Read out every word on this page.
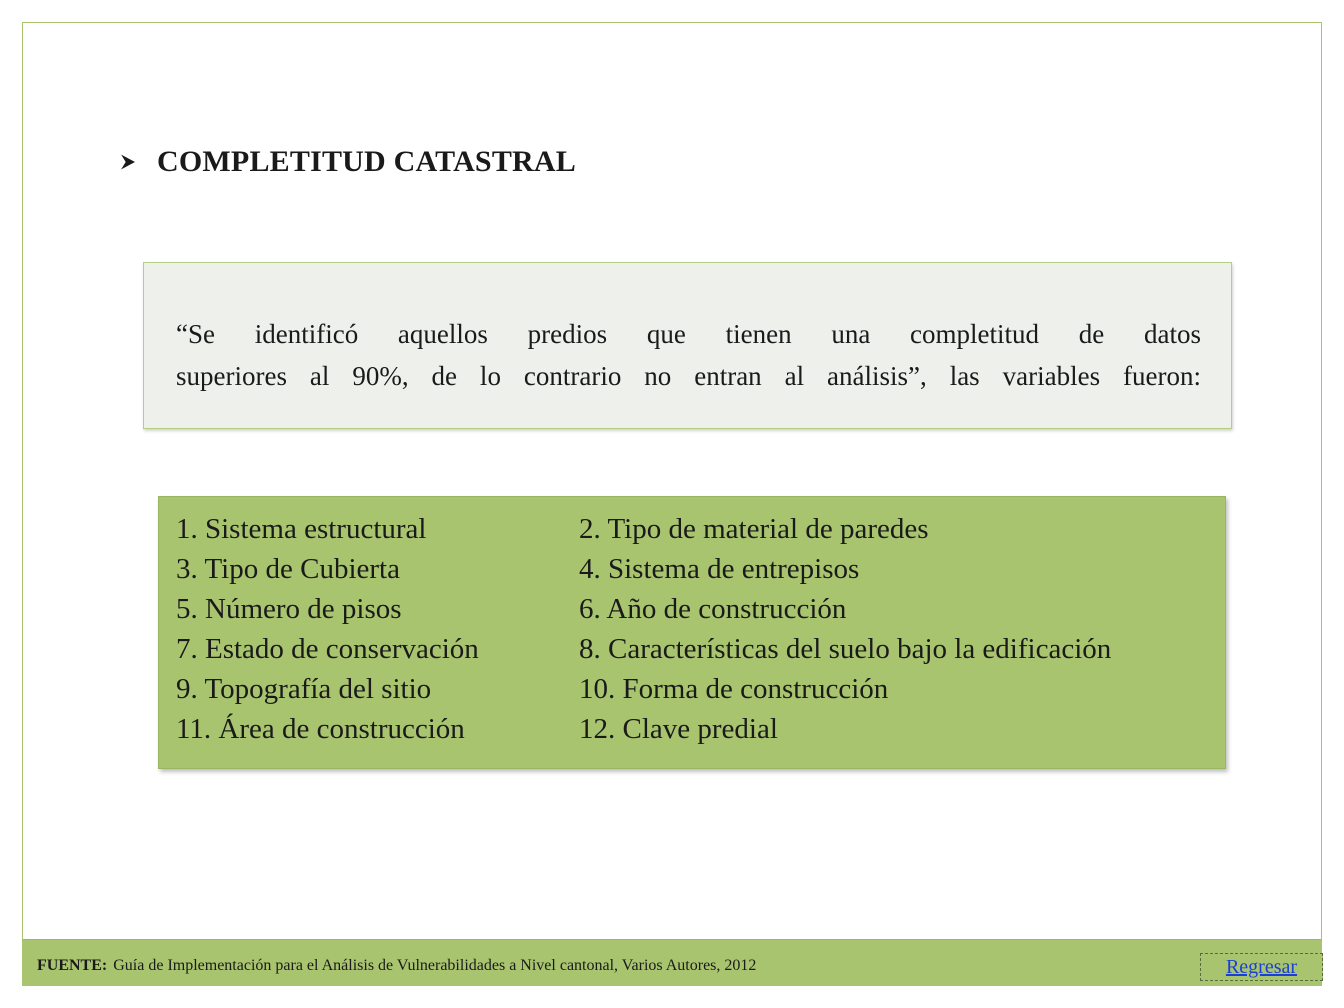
COMPLETITUD CATASTRAL
“Se identificó aquellos predios que tienen una completitud de datos
superiores al 90%, de lo contrario no entran al análisis”, las variables fueron:
1. Sistema estructural	2. Tipo de material de paredes
3. Tipo de Cubierta	4. Sistema de entrepisos
5. Número de pisos	6. Año de construcción
7. Estado de conservación	8. Características del suelo bajo la edificación
9. Topografía del sitio	10. Forma de construcción
11. Área de construcción	12. Clave predial
FUENTE: Guía de Implementación para el Análisis de Vulnerabilidades a Nivel cantonal, Varios Autores, 2012	Regresar
